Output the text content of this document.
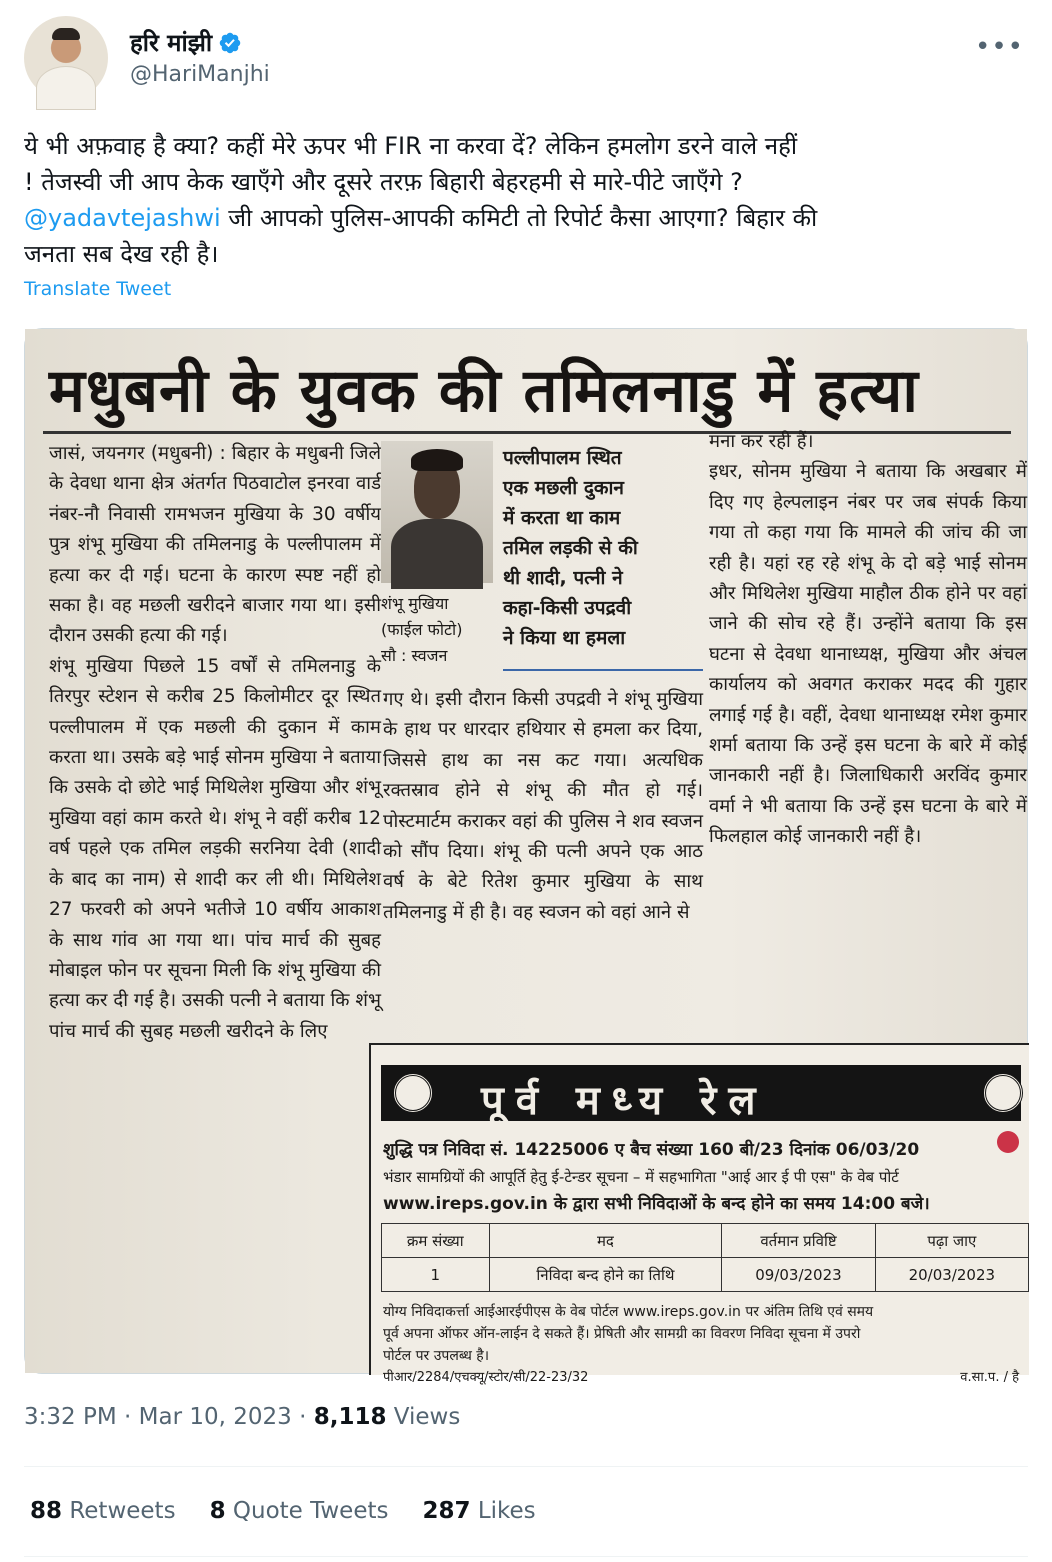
हरि मांझी
@HariManjhi
•••
ये भी अफ़वाह है क्या? कहीं मेरे ऊपर भी FIR ना करवा दें? लेकिन हमलोग डरने वाले नहीं
! तेजस्वी जी आप केक खाएँगे और दूसरे तरफ़ बिहारी बेहरहमी से मारे-पीटे जाएँगे ?
@yadavtejashwi जी आपको पुलिस-आपकी कमिटी तो रिपोर्ट कैसा आएगा? बिहार की
जनता सब देख रही है।
Translate Tweet
मधुबनी के युवक की तमिलनाडु में हत्या
जासं, जयनगर (मधुबनी) : बिहार के मधुबनी जिले के देवधा थाना क्षेत्र अंतर्गत पिठवाटोल इनरवा वार्ड नंबर-नौ निवासी रामभजन मुखिया के 30 वर्षीय पुत्र शंभू मुखिया की तमिलनाडु के पल्लीपालम में हत्या कर दी गई। घटना के कारण स्पष्ट नहीं हो सका है। वह मछली खरीदने बाजार गया था। इसी दौरान उसकी हत्या की गई।
शंभू मुखिया पिछले 15 वर्षों से तमिलनाडु के तिरपुर स्टेशन से करीब 25 किलोमीटर दूर स्थित पल्लीपालम में एक मछली की दुकान में काम करता था। उसके बड़े भाई सोनम मुखिया ने बताया कि उसके दो छोटे भाई मिथिलेश मुखिया और शंभू मुखिया वहां काम करते थे। शंभू ने वहीं करीब 12 वर्ष पहले एक तमिल लड़की सरनिया देवी (शादी के बाद का नाम) से शादी कर ली थी। मिथिलेश 27 फरवरी को अपने भतीजे 10 वर्षीय आकाश के साथ गांव आ गया था। पांच मार्च की सुबह मोबाइल फोन पर सूचना मिली कि शंभू मुखिया की हत्या कर दी गई है। उसकी पत्नी ने बताया कि शंभू पांच मार्च की सुबह मछली खरीदने के लिए
शंभू मुखिया
(फाईल फोटो)
सौ : स्वजन
पल्लीपालम स्थित
एक मछली दुकान
में करता था काम
तमिल लड़की से की
थी शादी, पत्नी ने
कहा-किसी उपद्रवी
ने किया था हमला
गए थे। इसी दौरान किसी उपद्रवी ने शंभू मुखिया के हाथ पर धारदार हथियार से हमला कर दिया, जिससे हाथ का नस कट गया। अत्यधिक रक्तस्राव होने से शंभू की मौत हो गई। पोस्टमार्टम कराकर वहां की पुलिस ने शव स्वजन को सौंप दिया। शंभू की पत्नी अपने एक आठ वर्ष के बेटे रितेश कुमार मुखिया के साथ तमिलनाडु में ही है। वह स्वजन को वहां आने से
मना कर रही हैं।
इधर, सोनम मुखिया ने बताया कि अखबार में दिए गए हेल्पलाइन नंबर पर जब संपर्क किया गया तो कहा गया कि मामले की जांच की जा रही है। यहां रह रहे शंभू के दो बड़े भाई सोनम और मिथिलेश मुखिया माहौल ठीक होने पर वहां जाने की सोच रहे हैं। उन्होंने बताया कि इस घटना से देवधा थानाध्यक्ष, मुखिया और अंचल कार्यालय को अवगत कराकर मदद की गुहार लगाई गई है। वहीं, देवधा थानाध्यक्ष रमेश कुमार शर्मा बताया कि उन्हें इस घटना के बारे में कोई जानकारी नहीं है। जिलाधिकारी अरविंद कुमार वर्मा ने भी बताया कि उन्हें इस घटना के बारे में फिलहाल कोई जानकारी नहीं है।
पूर्व मध्य रेल
शुद्धि पत्र निविदा सं. 14225006 ए बैच संख्या 160 बी/23 दिनांक 06/03/20
भंडार सामग्रियों की आपूर्ति हेतु ई-टेन्डर सूचना – में सहभागिता "आई आर ई पी एस" के वेब पोर्ट
www.ireps.gov.in के द्वारा सभी निविदाओं के बन्द होने का समय 14:00 बजे।
क्रम संख्या	मद	वर्तमान प्रविष्टि	पढ़ा जाए
1	निविदा बन्द होने का तिथि	09/03/2023	20/03/2023
योग्य निविदाकर्त्ता आईआरईपीएस के वेब पोर्टल www.ireps.gov.in पर अंतिम तिथि एवं समय
पूर्व अपना ऑफर ऑन-लाईन दे सकते हैं। प्रेषिती और सामग्री का विवरण निविदा सूचना में उपरो
पोर्टल पर उपलब्ध है।
पीआर/2284/एचक्यू/स्टोर/सी/22-23/32	व.सा.प. / है
3:32 PM · Mar 10, 2023 · 8,118 Views
88 Retweets 8 Quote Tweets 287 Likes
